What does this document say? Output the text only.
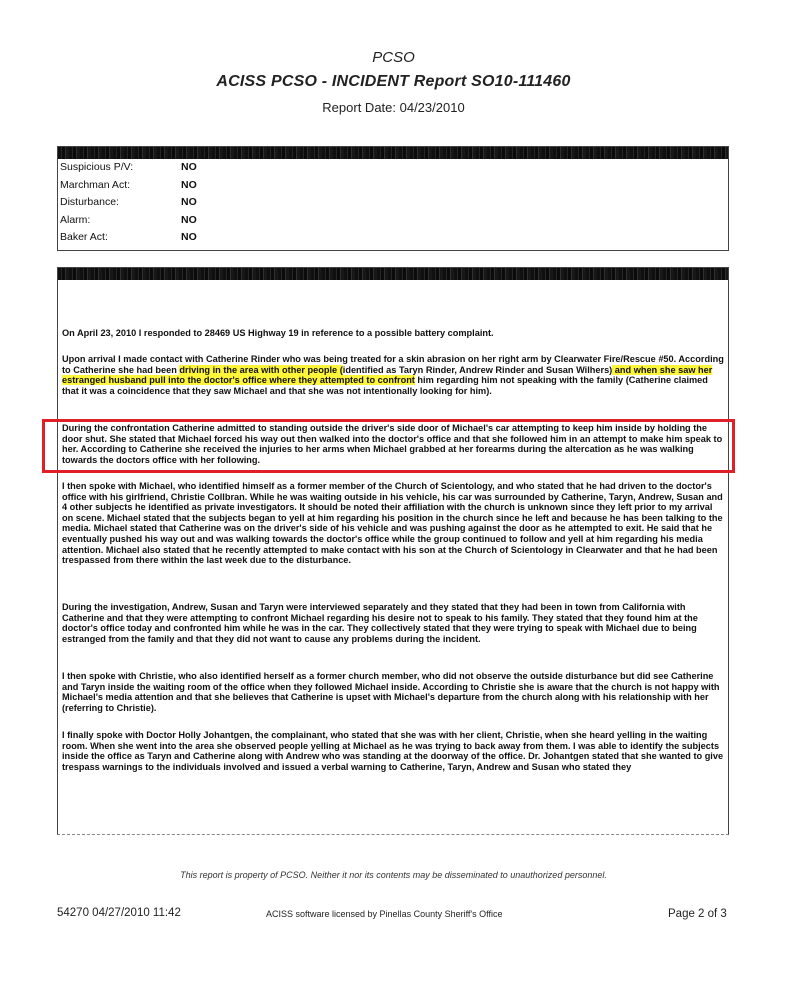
PCSO
ACISS PCSO - INCIDENT Report SO10-111460
Report Date: 04/23/2010
Suspicious P/V:	NO
Marchman Act:	NO
Disturbance:	NO
Alarm:	NO
Baker Act:	NO

On April 23, 2010 I responded to 28469 US Highway 19 in reference to a possible battery complaint.

Upon arrival I made contact with Catherine Rinder who was being treated for a skin abrasion on her right arm by Clearwater Fire/Rescue #50. According to Catherine she had been driving in the area with other people (identified as Taryn Rinder, Andrew Rinder and Susan Wilhers) and when she saw her estranged husband pull into the doctor's office where they attempted to confront him regarding him not speaking with the family (Catherine claimed that it was a coincidence that they saw Michael and that she was not intentionally looking for him).

During the confrontation Catherine admitted to standing outside the driver's side door of Michael's car attempting to keep him inside by holding the door shut. She stated that Michael forced his way out then walked into the doctor's office and that she followed him in an attempt to make him speak to her. According to Catherine she received the injuries to her arms when Michael grabbed at her forearms during the altercation as he was walking towards the doctors office with her following.

I then spoke with Michael, who identified himself as a former member of the Church of Scientology, and who stated that he had driven to the doctor's office with his girlfriend, Christie Collbran. While he was waiting outside in his vehicle, his car was surrounded by Catherine, Taryn, Andrew, Susan and 4 other subjects he identified as private investigators. It should be noted their affiliation with the church is unknown since they left prior to my arrival on scene. Michael stated that the subjects began to yell at him regarding his position in the church since he left and because he has been talking to the media. Michael stated that Catherine was on the driver's side of his vehicle and was pushing against the door as he attempted to exit. He said that he eventually pushed his way out and was walking towards the doctor's office while the group continued to follow and yell at him regarding his media attention. Michael also stated that he recently attempted to make contact with his son at the Church of Scientology in Clearwater and that he had been trespassed from there within the last week due to the disturbance.

During the investigation, Andrew, Susan and Taryn were interviewed separately and they stated that they had been in town from California with Catherine and that they were attempting to confront Michael regarding his desire not to speak to his family. They stated that they found him at the doctor's office today and confronted him while he was in the car. They collectively stated that they were trying to speak with Michael due to being estranged from the family and that they did not want to cause any problems during the incident.

I then spoke with Christie, who also identified herself as a former church member, who did not observe the outside disturbance but did see Catherine and Taryn inside the waiting room of the office when they followed Michael inside. According to Christie she is aware that the church is not happy with Michael's media attention and that she believes that Catherine is upset with Michael's departure from the church along with his relationship with her (referring to Christie).

I finally spoke with Doctor Holly Johantgen, the complainant, who stated that she was with her client, Christie, when she heard yelling in the waiting room. When she went into the area she observed people yelling at Michael as he was trying to back away from them. I was able to identify the subjects inside the office as Taryn and Catherine along with Andrew who was standing at the doorway of the office. Dr. Johantgen stated that she wanted to give trespass warnings to the individuals involved and issued a verbal warning to Catherine, Taryn, Andrew and Susan who stated they

This report is property of PCSO. Neither it nor its contents may be disseminated to unauthorized personnel.
54270 04/27/2010 11:42	ACISS software licensed by Pinellas County Sheriff's Office	Page 2 of 3
